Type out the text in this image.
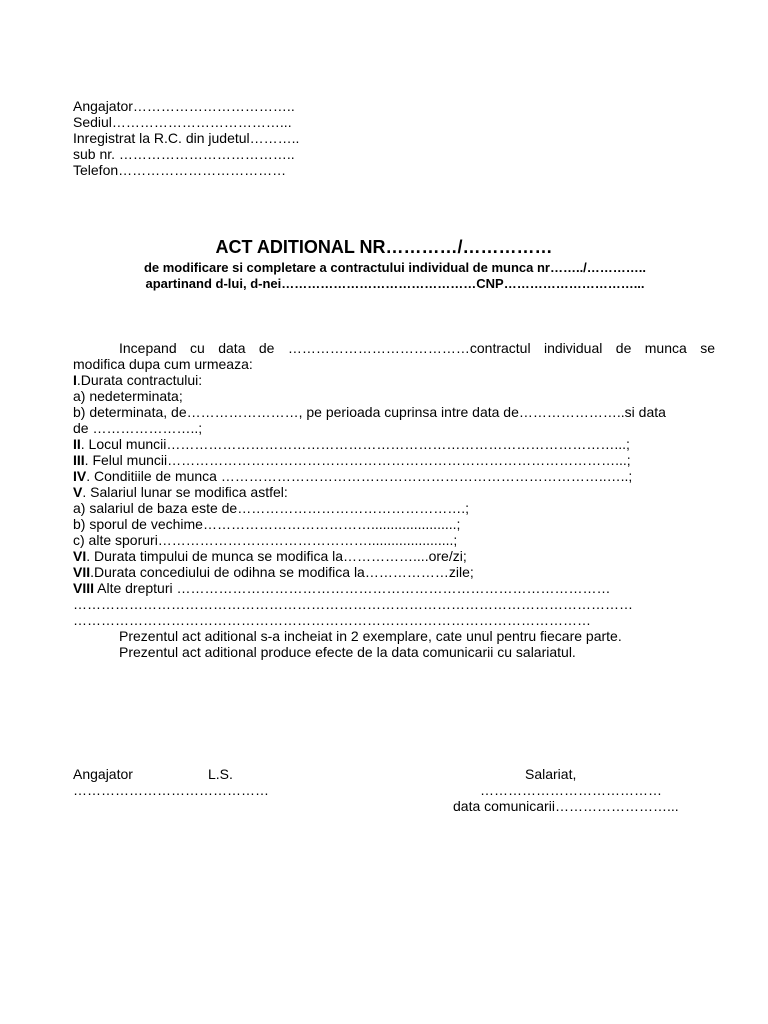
Angajator……………………………..
Sediul………………………………...
Inregistrat la R.C. din judetul………..
sub nr. ………………………………..
Telefon………………………………
ACT ADITIONAL NR…………/……………
de modificare si completare a contractului individual de munca nr……../…………..
apartinand d-lui, d-nei………………………………………CNP…………………………...
Incepand cu data de …………………………………contractul individual de munca se
modifica dupa cum urmeaza:
I.Durata contractului:
a) nedeterminata;
b) determinata, de……………………, pe perioada cuprinsa intre data de…………………..si data
de …………………..;
II. Locul muncii……………………………………………………………………………………...;
III. Felul muncii……………………………………………………………………………………...;
IV. Conditiile de munca ………………………………………………………………………..…..;
V. Salariul lunar se modifica astfel:
a) salariul de baza este de………………………………………….;
b) sporul de vechime………………………………......................;
c) alte sporuri………………………………………......................;
VI. Durata timpului de munca se modifica la……………....ore/zi;
VII.Durata concediului de odihna se modifica la………………zile;
VIII Alte drepturi …………………………………………………………………………………
…………………………………………………………………………………………………………
…………………………………………………………………………………………………
Prezentul act aditional s-a incheiat in 2 exemplare, cate unul pentru fiecare parte.
Prezentul act aditional produce efecte de la data comunicarii cu salariatul.
Angajator	L.S.
……………………………………
Salariat,
…………………………………
data comunicarii……………………...
